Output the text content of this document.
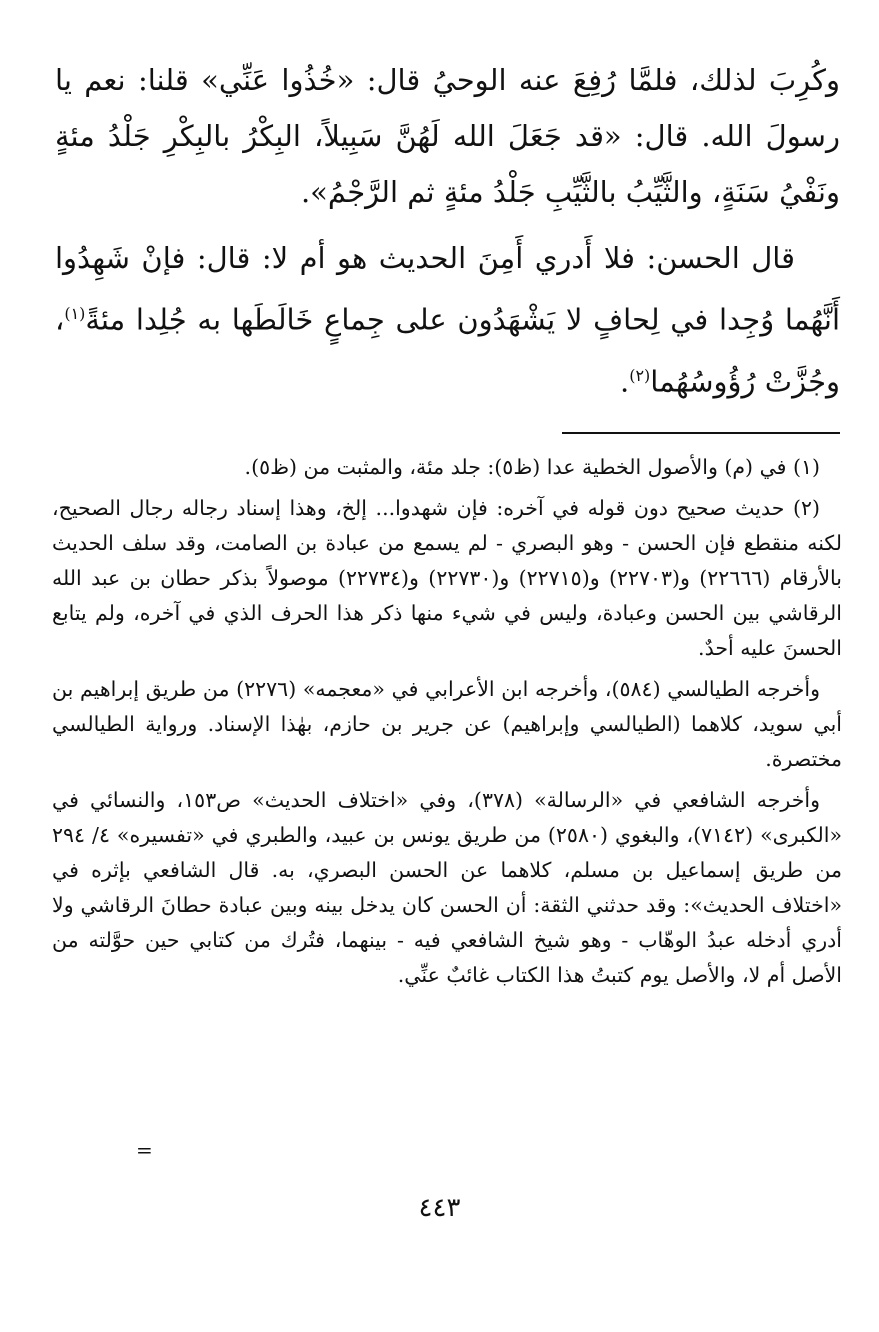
وكُرِبَ لذلك، فلمَّا رُفِعَ عنه الوحيُ قال: «خُذُوا عَنِّي» قلنا: نعم يا رسولَ الله. قال: «قد جَعَلَ الله لَهُنَّ سَبِيلاً، البِكْرُ بالبِكْرِ جَلْدُ مئةٍ ونَفْيُ سَنَةٍ، والثَّيِّبُ بالثَّيِّبِ جَلْدُ مئةٍ ثم الرَّجْمُ».

قال الحسن: فلا أَدري أَمِنَ الحديث هو أم لا: قال: فإنْ شَهِدُوا أَنَّهُما وُجِدا في لِحافٍ لا يَشْهَدُون على جِماعٍ خَالَطَها به جُلِدا مئةً$^{(١)}$، وجُزَّتْ رُؤُوسُهُما$^{(٢)}$.

(١) في (م) والأصول الخطية عدا (ظ٥): جلد مئة، والمثبت من (ظ٥).

(٢) حديث صحيح دون قوله في آخره: فإن شهدوا... إلخ، وهذا إسناد رجاله رجال الصحيح، لكنه منقطع فإن الحسن - وهو البصري - لم يسمع من عبادة بن الصامت، وقد سلف الحديث بالأرقام (٢٢٦٦٦) و(٢٢٧٠٣) و(٢٢٧١٥) و(٢٢٧٣٠) و(٢٢٧٣٤) موصولاً بذكر حطان بن عبد الله الرقاشي بين الحسن وعبادة، وليس في شيء منها ذكر هذا الحرف الذي في آخره، ولم يتابع الحسنَ عليه أحدٌ.

وأخرجه الطيالسي (٥٨٤)، وأخرجه ابن الأعرابي في «معجمه» (٢٢٧٦) من طريق إبراهيم بن أبي سويد، كلاهما (الطيالسي وإبراهيم) عن جرير بن حازم، بهٰذا الإسناد. ورواية الطيالسي مختصرة.

وأخرجه الشافعي في «الرسالة» (٣٧٨)، وفي «اختلاف الحديث» ص١٥٣، والنسائي في «الكبرى» (٧١٤٢)، والبغوي (٢٥٨٠) من طريق يونس بن عبيد، والطبري في «تفسيره» ٤/ ٢٩٤ من طريق إسماعيل بن مسلم، كلاهما عن الحسن البصري، به. قال الشافعي بإثره في «اختلاف الحديث»: وقد حدثني الثقة: أن الحسن كان يدخل بينه وبين عبادة حطانَ الرقاشي ولا أدري أدخله عبدُ الوهّاب - وهو شيخ الشافعي فيه - بينهما، فتُرك من كتابي حين حوَّلته من الأصل أم لا، والأصل يوم كتبتُ هذا الكتاب غائبٌ عنِّي.

=
٤٤٣
